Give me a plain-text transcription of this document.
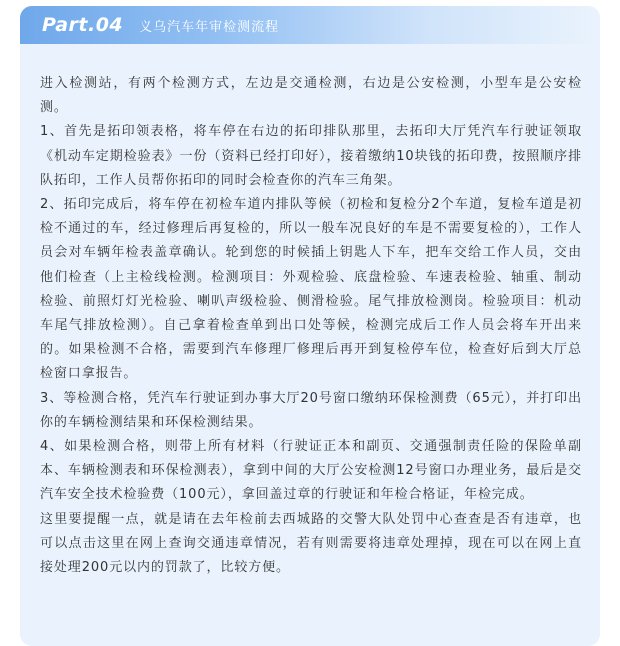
Part.04 义乌汽车年审检测流程

进入检测站，有两个检测方式，左边是交通检测，右边是公安检测，小型车是公安检测。

1、首先是拓印领表格，将车停在右边的拓印排队那里，去拓印大厅凭汽车行驶证领取《机动车定期检验表》一份（资料已经打印好），接着缴纳10块钱的拓印费，按照顺序排队拓印，工作人员帮你拓印的同时会检查你的汽车三角架。

2、拓印完成后，将车停在初检车道内排队等候（初检和复检分2个车道，复检车道是初检不通过的车，经过修理后再复检的，所以一般车况良好的车是不需要复检的），工作人员会对车辆年检表盖章确认。轮到您的时候插上钥匙人下车，把车交给工作人员，交由他们检查（上主检线检测。检测项目：外观检验、底盘检验、车速表检验、轴重、制动检验、前照灯灯光检验、喇叭声级检验、侧滑检验。尾气排放检测岗。检验项目：机动车尾气排放检测）。自己拿着检查单到出口处等候，检测完成后工作人员会将车开出来的。如果检测不合格，需要到汽车修理厂修理后再开到复检停车位，检查好后到大厅总检窗口拿报告。

3、等检测合格，凭汽车行驶证到办事大厅20号窗口缴纳环保检测费（65元），并打印出你的车辆检测结果和环保检测结果。

4、如果检测合格，则带上所有材料（行驶证正本和副页、交通强制责任险的保险单副本、车辆检测表和环保检测表），拿到中间的大厅公安检测12号窗口办理业务，最后是交汽车安全技术检验费（100元），拿回盖过章的行驶证和年检合格证，年检完成。

这里要提醒一点，就是请在去年检前去西城路的交警大队处罚中心查查是否有违章，也可以点击这里在网上查询交通违章情况，若有则需要将违章处理掉，现在可以在网上直接处理200元以内的罚款了，比较方便。
